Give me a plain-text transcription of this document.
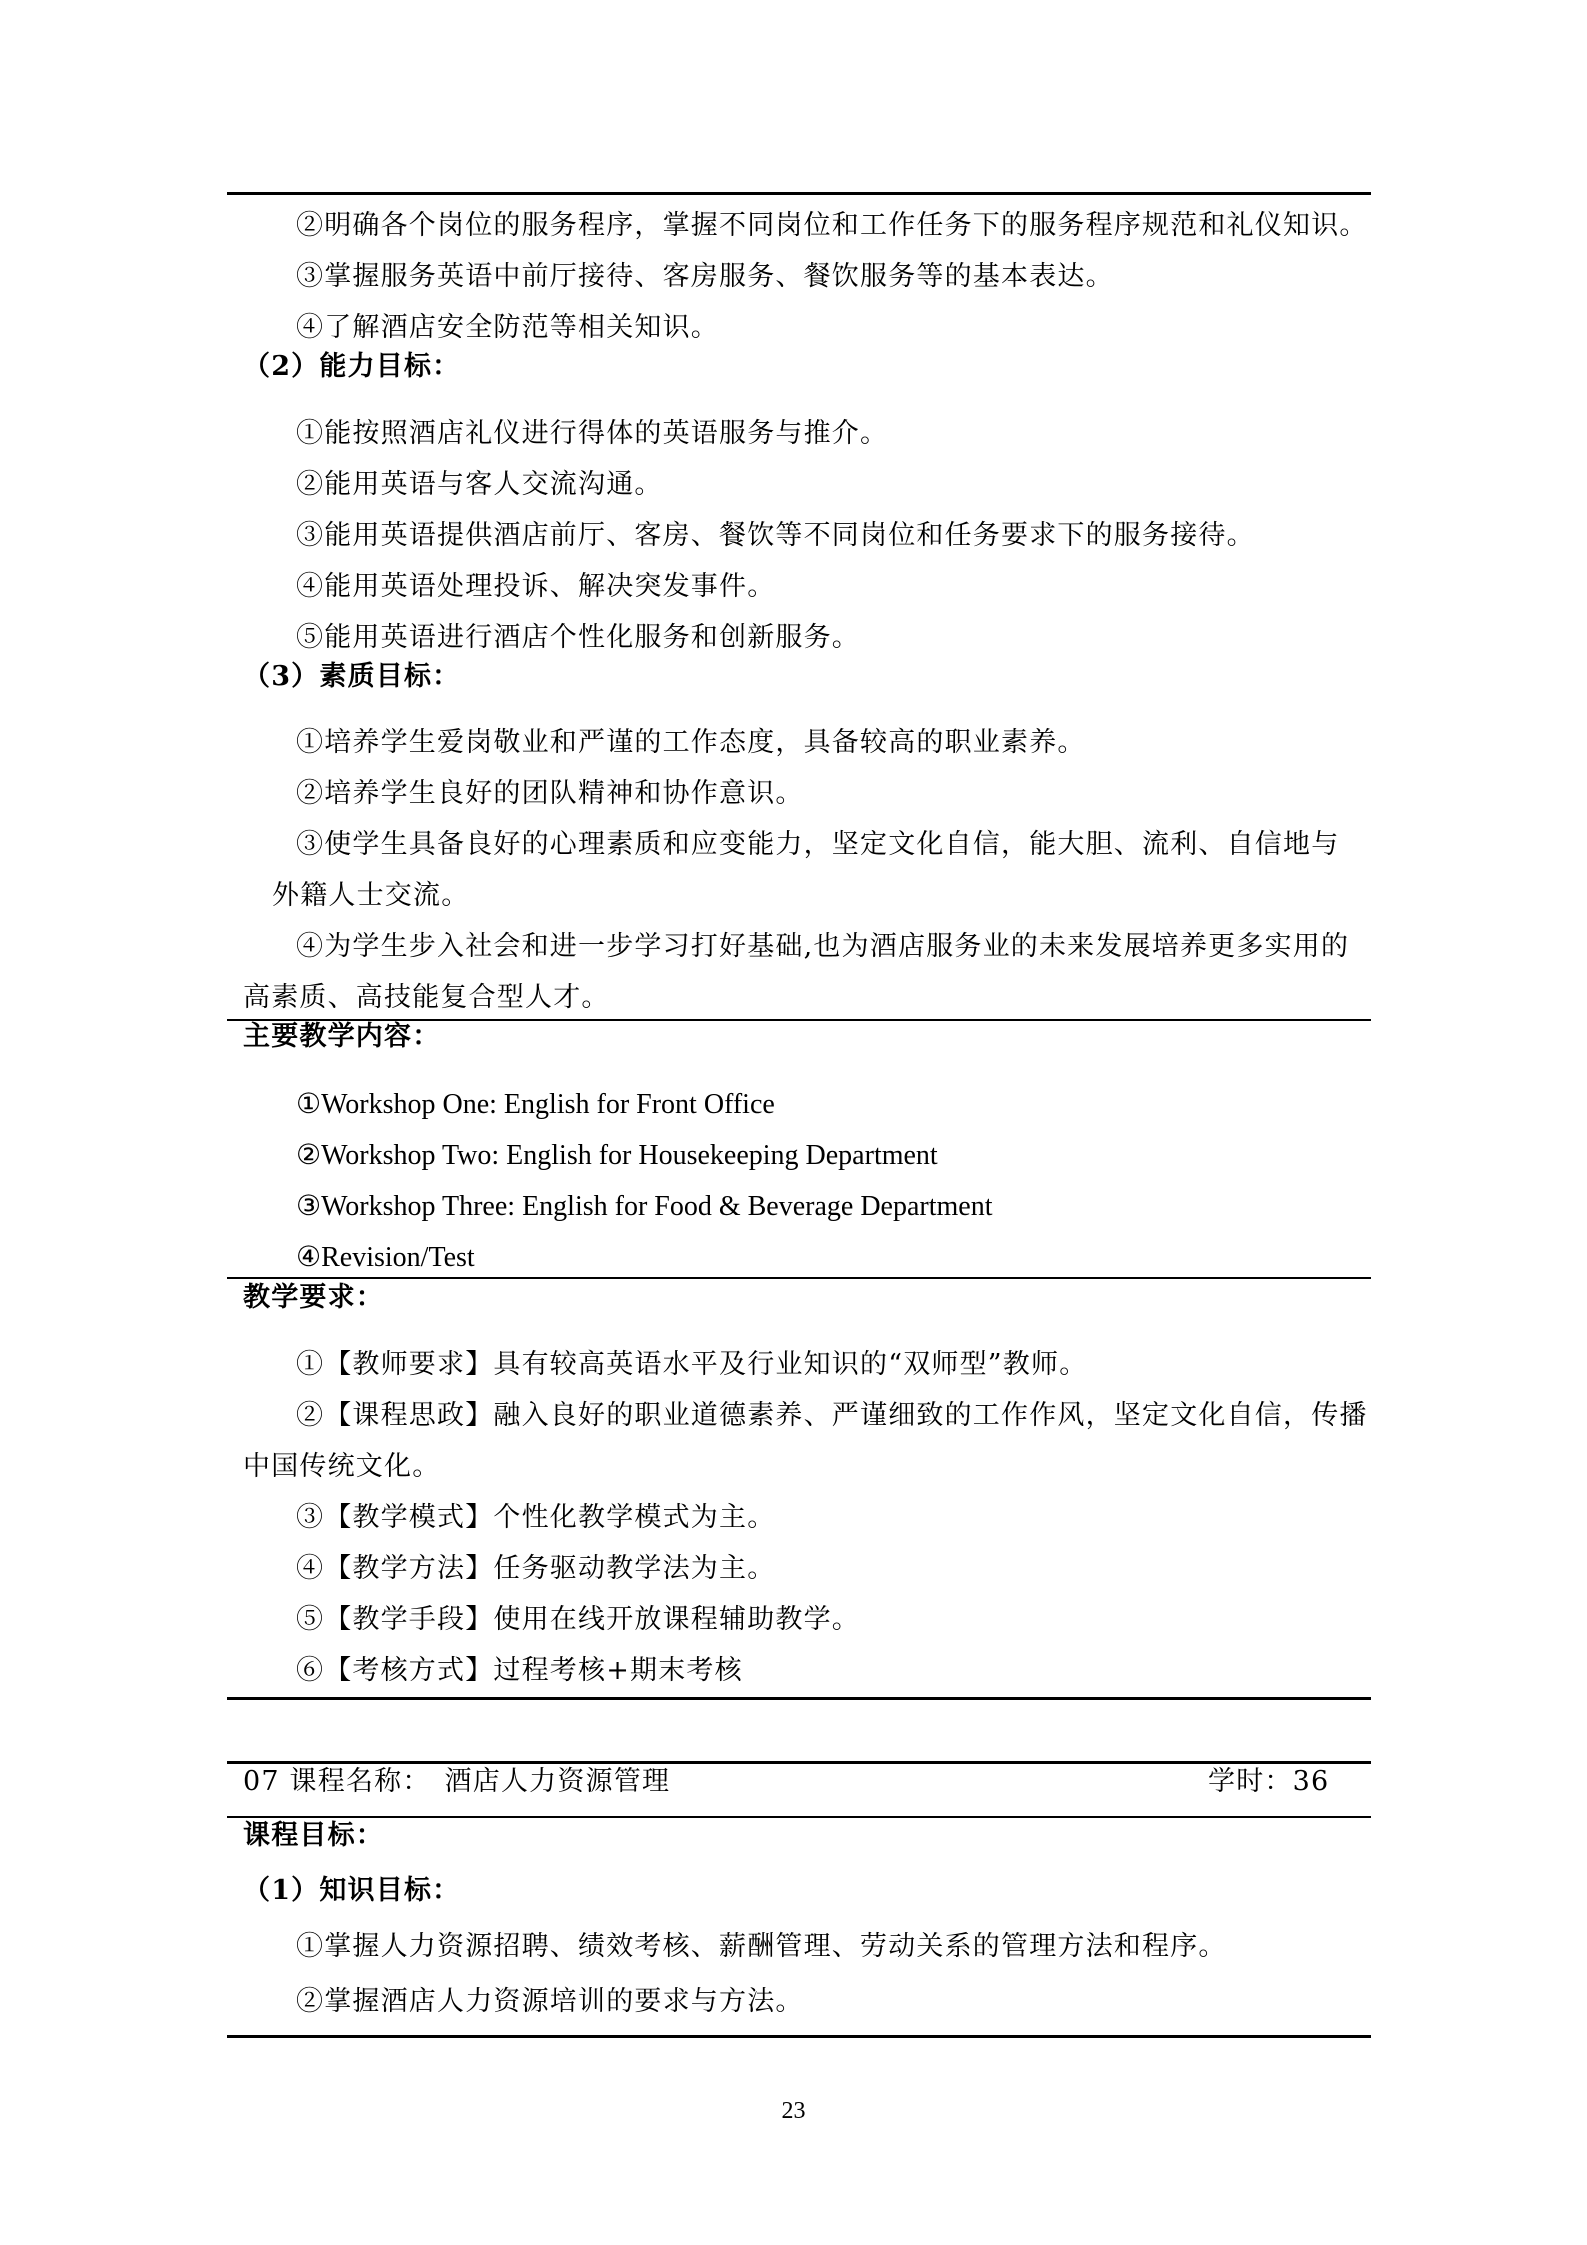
②明确各个岗位的服务程序，掌握不同岗位和工作任务下的服务程序规范和礼仪知识。
③掌握服务英语中前厅接待、客房服务、餐饮服务等的基本表达。
④了解酒店安全防范等相关知识。
（2）能力目标：
①能按照酒店礼仪进行得体的英语服务与推介。
②能用英语与客人交流沟通。
③能用英语提供酒店前厅、客房、餐饮等不同岗位和任务要求下的服务接待。
④能用英语处理投诉、解决突发事件。
⑤能用英语进行酒店个性化服务和创新服务。
（3）素质目标：
①培养学生爱岗敬业和严谨的工作态度，具备较高的职业素养。
②培养学生良好的团队精神和协作意识。
③使学生具备良好的心理素质和应变能力，坚定文化自信，能大胆、流利、自信地与
外籍人士交流。
④为学生步入社会和进一步学习打好基础,也为酒店服务业的未来发展培养更多实用的
高素质、高技能复合型人才。
主要教学内容：
①Workshop One: English for Front Office
②Workshop Two: English for Housekeeping Department
③Workshop Three: English for Food & Beverage Department
④Revision/Test
教学要求：
①【教师要求】具有较高英语水平及行业知识的“双师型”教师。
②【课程思政】融入良好的职业道德素养、严谨细致的工作作风，坚定文化自信，传播
中国传统文化。
③【教学模式】个性化教学模式为主。
④【教学方法】任务驱动教学法为主。
⑤【教学手段】使用在线开放课程辅助教学。
⑥【考核方式】过程考核+期末考核
07 课程名称： 酒店人力资源管理	学时：36
课程目标：
（1）知识目标：
①掌握人力资源招聘、绩效考核、薪酬管理、劳动关系的管理方法和程序。
②掌握酒店人力资源培训的要求与方法。
23
